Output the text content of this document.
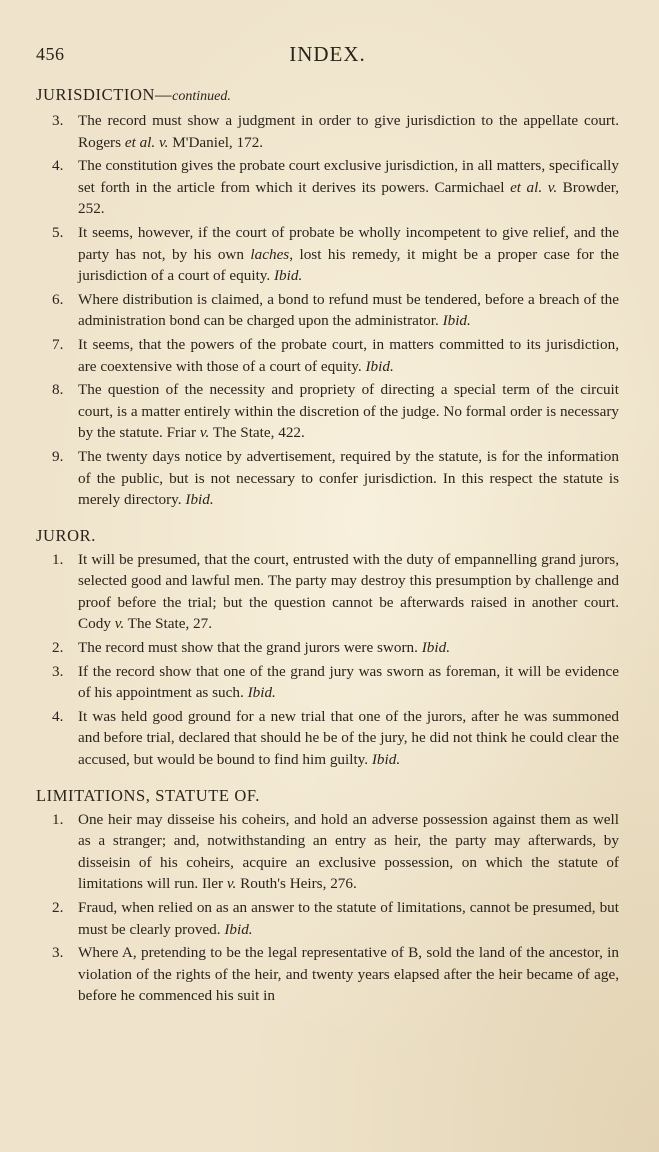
456	INDEX.
JURISDICTION—continued.
3. The record must show a judgment in order to give jurisdiction to the appellate court. Rogers et al. v. M'Daniel, 172.
4. The constitution gives the probate court exclusive jurisdiction, in all matters, specifically set forth in the article from which it derives its powers. Carmichael et al. v. Browder, 252.
5. It seems, however, if the court of probate be wholly incompetent to give relief, and the party has not, by his own laches, lost his remedy, it might be a proper case for the jurisdiction of a court of equity. Ibid.
6. Where distribution is claimed, a bond to refund must be tendered, before a breach of the administration bond can be charged upon the administrator. Ibid.
7. It seems, that the powers of the probate court, in matters committed to its jurisdiction, are coextensive with those of a court of equity. Ibid.
8. The question of the necessity and propriety of directing a special term of the circuit court, is a matter entirely within the discretion of the judge. No formal order is necessary by the statute. Friar v. The State, 422.
9. The twenty days notice by advertisement, required by the statute, is for the information of the public, but is not necessary to confer jurisdiction. In this respect the statute is merely directory. Ibid.
JUROR.
1. It will be presumed, that the court, entrusted with the duty of empannelling grand jurors, selected good and lawful men. The party may destroy this presumption by challenge and proof before the trial; but the question cannot be afterwards raised in another court. Cody v. The State, 27.
2. The record must show that the grand jurors were sworn. Ibid.
3. If the record show that one of the grand jury was sworn as foreman, it will be evidence of his appointment as such. Ibid.
4. It was held good ground for a new trial that one of the jurors, after he was summoned and before trial, declared that should he be of the jury, he did not think he could clear the accused, but would be bound to find him guilty. Ibid.
LIMITATIONS, STATUTE OF.
1. One heir may disseise his coheirs, and hold an adverse possession against them as well as a stranger; and, notwithstanding an entry as heir, the party may afterwards, by disseisin of his coheirs, acquire an exclusive possession, on which the statute of limitations will run. Iler v. Routh's Heirs, 276.
2. Fraud, when relied on as an answer to the statute of limitations, cannot be presumed, but must be clearly proved. Ibid.
3. Where A, pretending to be the legal representative of B, sold the land of the ancestor, in violation of the rights of the heir, and twenty years elapsed after the heir became of age, before he commenced his suit in
